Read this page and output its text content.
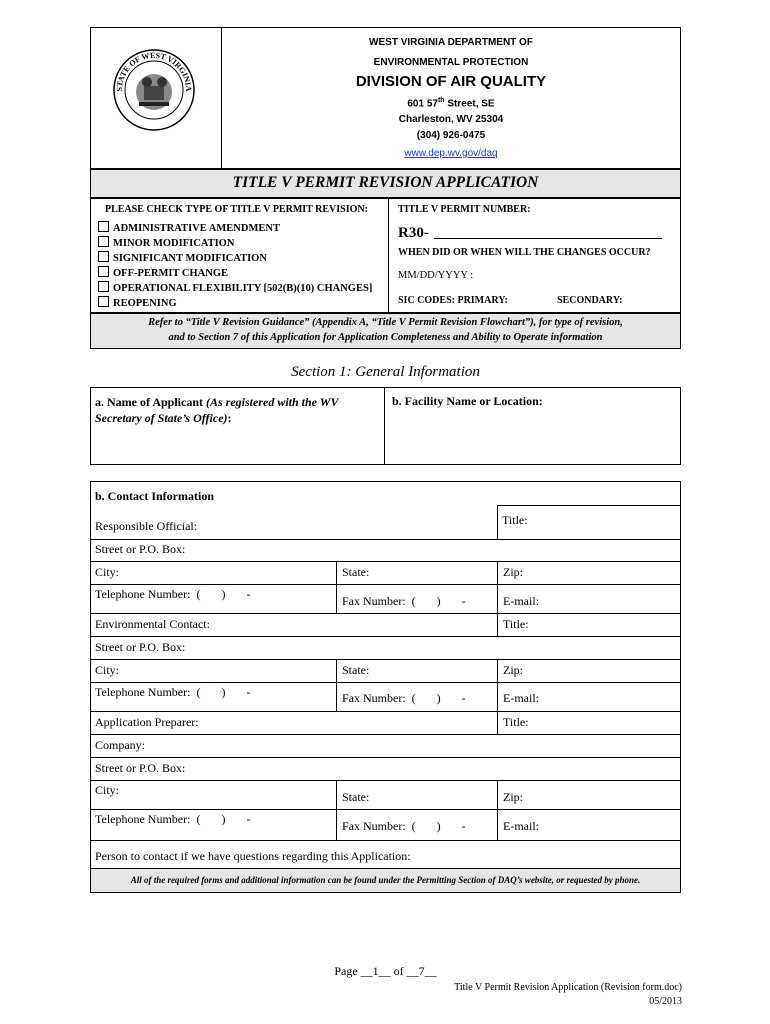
STATE OF WEST VIRGINIA
WEST VIRGINIA DEPARTMENT OF
ENVIRONMENTAL PROTECTION
DIVISION OF AIR QUALITY
601 57th Street, SE
Charleston, WV 25304
(304) 926-0475
www.dep.wv.gov/daq
TITLE V PERMIT REVISION APPLICATION
PLEASE CHECK TYPE OF TITLE V PERMIT REVISION:
ADMINISTRATIVE AMENDMENT
MINOR MODIFICATION
SIGNIFICANT MODIFICATION
OFF-PERMIT CHANGE
OPERATIONAL FLEXIBILITY [502(B)(10) CHANGES]
REOPENING
TITLE V PERMIT NUMBER:
R30-
WHEN DID OR WHEN WILL THE CHANGES OCCUR?
MM/DD/YYYY :
SIC CODES: PRIMARY:	SECONDARY:
Refer to “Title V Revision Guidance” (Appendix A, “Title V Permit Revision Flowchart”), for type of revision,
and to Section 7 of this Application for Application Completeness and Ability to Operate information
Section 1: General Information
a. Name of Applicant (As registered with the WV Secretary of State’s Office):
b. Facility Name or Location:
b. Contact Information
Responsible Official:	Title:
Street or P.O. Box:
City:	State:	Zip:
Telephone Number:  (       )       -	Fax Number:  (       )       -	E-mail:
Environmental Contact:	Title:
Street or P.O. Box:
City:	State:	Zip:
Telephone Number:  (       )       -	Fax Number:  (       )       -	E-mail:
Application Preparer:	Title:
Company:
Street or P.O. Box:
City:	State:	Zip:
Telephone Number:  (       )       -	Fax Number:  (       )       -	E-mail:
Person to contact if we have questions regarding this Application:
All of the required forms and additional information can be found under the Permitting Section of DAQ’s website, or requested by phone.
Page __1__ of __7__
Title V Permit Revision Application (Revision form.doc)
05/2013
